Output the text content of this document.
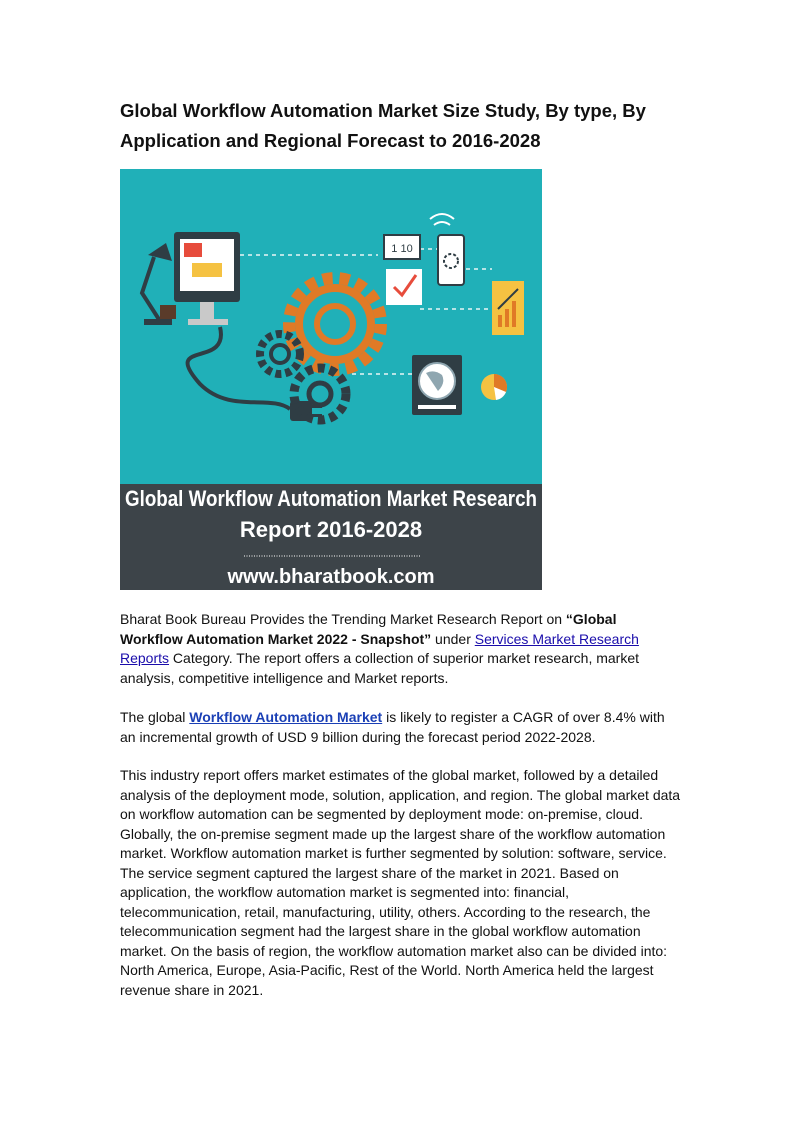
Global Workflow Automation Market Size Study, By type, By
Application and Regional Forecast to 2016-2028
1 10
Global Workflow Automation Market Research
Report 2016-2028
www.bharatbook.com
Bharat Book Bureau Provides the Trending Market Research Report on “Global Workflow Automation Market 2022 - Snapshot” under Services Market Research Reports Category. The report offers a collection of superior market research, market analysis, competitive intelligence and Market reports.
The global Workflow Automation Market is likely to register a CAGR of over 8.4% with an incremental growth of USD 9 billion during the forecast period 2022-2028.
This industry report offers market estimates of the global market, followed by a detailed analysis of the deployment mode, solution, application, and region. The global market data on workflow automation can be segmented by deployment mode: on-premise, cloud. Globally, the on-premise segment made up the largest share of the workflow automation market. Workflow automation market is further segmented by solution: software, service. The service segment captured the largest share of the market in 2021. Based on application, the workflow automation market is segmented into: financial, telecommunication, retail, manufacturing, utility, others. According to the research, the telecommunication segment had the largest share in the global workflow automation market. On the basis of region, the workflow automation market also can be divided into: North America, Europe, Asia-Pacific, Rest of the World. North America held the largest revenue share in 2021.
